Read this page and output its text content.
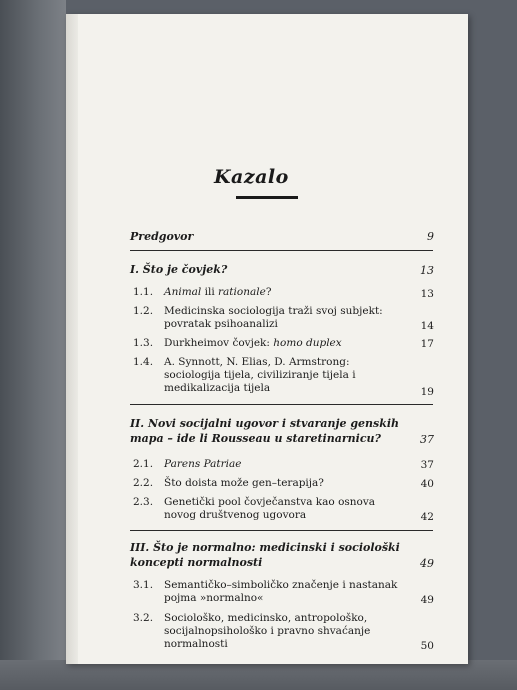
Kazalo
Predgovor	9
I. Što je čovjek?	13
1.1. Animal ili rationale?	13
1.2. Medicinska sociologija traži svoj subjekt:
povratak psihoanalizi	14
1.3. Durkheimov čovjek: homo duplex	17
1.4. A. Synnott, N. Elias, D. Armstrong:
sociologija tijela, civiliziranje tijela i
medikalizacija tijela	19
II. Novi socijalni ugovor i stvaranje genskih
mapa – ide li Rousseau u staretinarnicu?	37
2.1. Parens Patriae	37
2.2. Što doista može gen–terapija?	40
2.3. Genetički pool čovječanstva kao osnova
novog društvenog ugovora	42
III. Što je normalno: medicinski i sociološki
koncepti normalnosti	49
3.1. Semantičko–simboličko značenje i nastanak
pojma »normalno«	49
3.2. Sociološko, medicinsko, antropološko,
socijalnopsihološko i pravno shvaćanje
normalnosti	50
